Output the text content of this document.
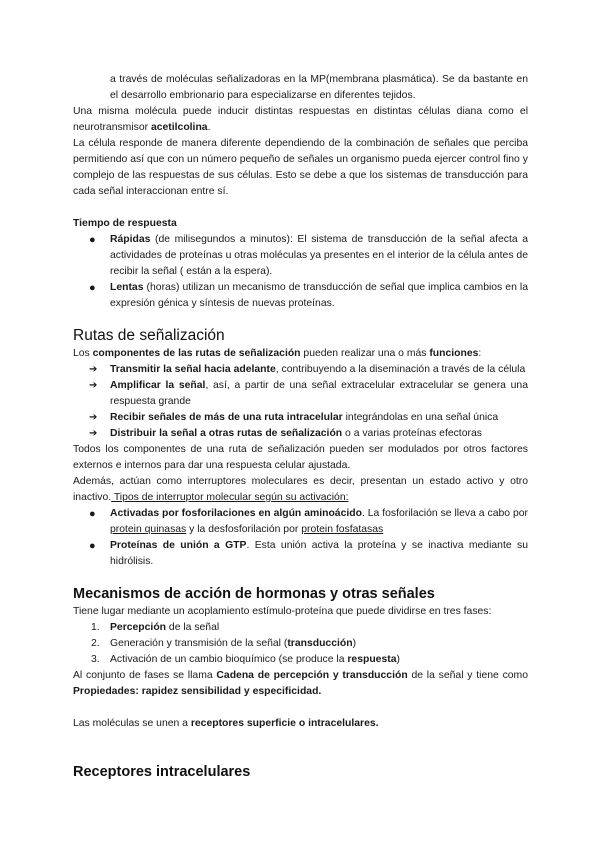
a través de moléculas señalizadoras en la MP(membrana plasmática). Se da bastante en el desarrollo embrionario para especializarse en diferentes tejidos.

Una misma molécula puede inducir distintas respuestas en distintas células diana como el neurotransmisor acetilcolina.

La célula responde de manera diferente dependiendo de la combinación de señales que perciba permitiendo así que con un número pequeño de señales un organismo pueda ejercer control fino y complejo de las respuestas de sus células. Esto se debe a que los sistemas de transducción para cada señal interaccionan entre sí.

Tiempo de respuesta

● Rápidas (de milisegundos a minutos): El sistema de transducción de la señal afecta a actividades de proteínas u otras moléculas ya presentes en el interior de la célula antes de recibir la señal ( están a la espera).
● Lentas (horas) utilizan un mecanismo de transducción de señal que implica cambios en la expresión génica y síntesis de nuevas proteínas.
Rutas de señalización

Los componentes de las rutas de señalización pueden realizar una o más funciones:

➔ Transmitir la señal hacia adelante, contribuyendo a la diseminación a través de la célula
➔ Amplificar la señal, así, a partir de una señal extracelular extracelular se genera una respuesta grande
➔ Recibir señales de más de una ruta intracelular integrándolas en una señal única
➔ Distribuir la señal a otras rutas de señalización o a varias proteínas efectoras

Todos los componentes de una ruta de señalización pueden ser modulados por otros factores externos e internos para dar una respuesta celular ajustada.

Además, actúan como interruptores moleculares es decir, presentan un estado activo y otro inactivo. Tipos de interruptor molecular según su activación:

● Activadas por fosforilaciones en algún aminoácido. La fosforilación se lleva a cabo por protein quinasas y la desfosforilación por protein fosfatasas
● Proteínas de unión a GTP. Esta unión activa la proteína y se inactiva mediante su hidrólisis.
Mecanismos de acción de hormonas y otras señales

Tiene lugar mediante un acoplamiento estímulo-proteína que puede dividirse en tres fases:

1. Percepción de la señal
2. Generación y transmisión de la señal (transducción)
3. Activación de un cambio bioquímico (se produce la respuesta)

Al conjunto de fases se llama Cadena de percepción y transducción de la señal y tiene como Propiedades: rapidez sensibilidad y especificidad.

Las moléculas se unen a receptores superficie o intracelulares.

Receptores intracelulares
